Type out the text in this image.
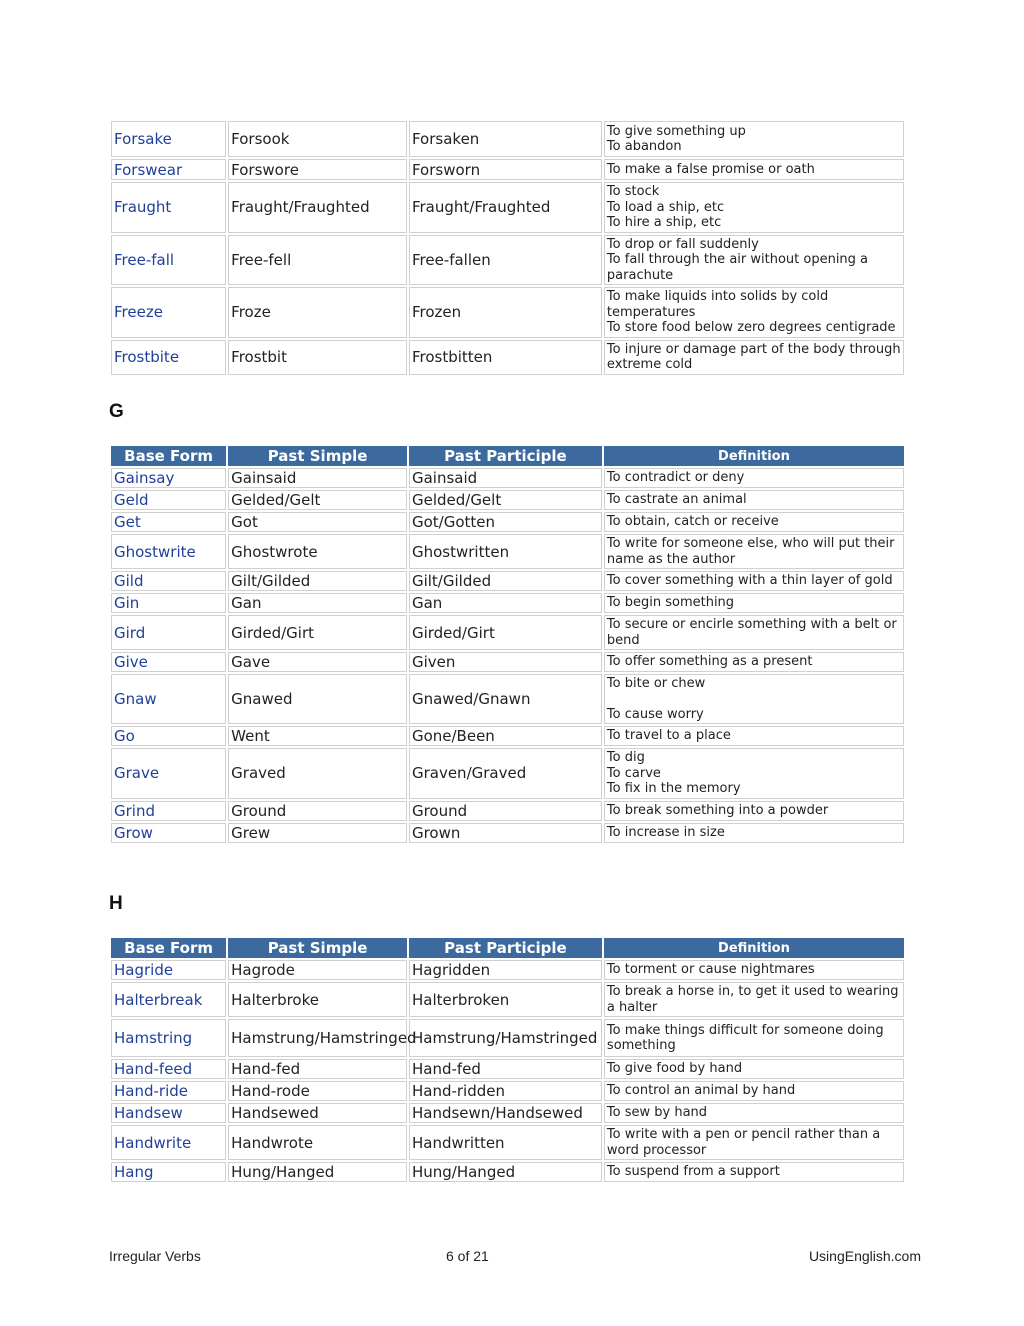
Forsake	Forsook	Forsaken	To give something up
To abandon

Forswear	Forswore	Forsworn	To make a false promise or oath

Fraught	Fraught/Fraughted	Fraught/Fraughted	To stock
To load a ship, etc
To hire a ship, etc

Free-fall	Free-fell	Free-fallen	To drop or fall suddenly
To fall through the air without opening a parachute

Freeze	Froze	Frozen	To make liquids into solids by cold temperatures
To store food below zero degrees centigrade

Frostbite	Frostbit	Frostbitten	To injure or damage part of the body through extreme cold
G
Base Form	Past Simple	Past Participle	Definition
Gainsay	Gainsaid	Gainsaid	To contradict or deny

Geld	Gelded/Gelt	Gelded/Gelt	To castrate an animal

Get	Got	Got/Gotten	To obtain, catch or receive

Ghostwrite	Ghostwrote	Ghostwritten	To write for someone else, who will put their name as the author

Gild	Gilt/Gilded	Gilt/Gilded	To cover something with a thin layer of gold

Gin	Gan	Gan	To begin something

Gird	Girded/Girt	Girded/Girt	To secure or encirle something with a belt or bend

Give	Gave	Given	To offer something as a present

Gnaw	Gnawed	Gnawed/Gnawn	To bite or chew
To cause worry

Go	Went	Gone/Been	To travel to a place

Grave	Graved	Graven/Graved	To dig
To carve
To fix in the memory

Grind	Ground	Ground	To break something into a powder

Grow	Grew	Grown	To increase in size
H
Base Form	Past Simple	Past Participle	Definition
Hagride	Hagrode	Hagridden	To torment or cause nightmares

Halterbreak	Halterbroke	Halterbroken	To break a horse in, to get it used to wearing a halter

Hamstring	Hamstrung/Hamstringed	Hamstrung/Hamstringed	To make things difficult for someone doing something

Hand-feed	Hand-fed	Hand-fed	To give food by hand

Hand-ride	Hand-rode	Hand-ridden	To control an animal by hand

Handsew	Handsewed	Handsewn/Handsewed	To sew by hand

Handwrite	Handwrote	Handwritten	To write with a pen or pencil rather than a word processor

Hang	Hung/Hanged	Hung/Hanged	To suspend from a support
Irregular Verbs	6 of 21	UsingEnglish.com
